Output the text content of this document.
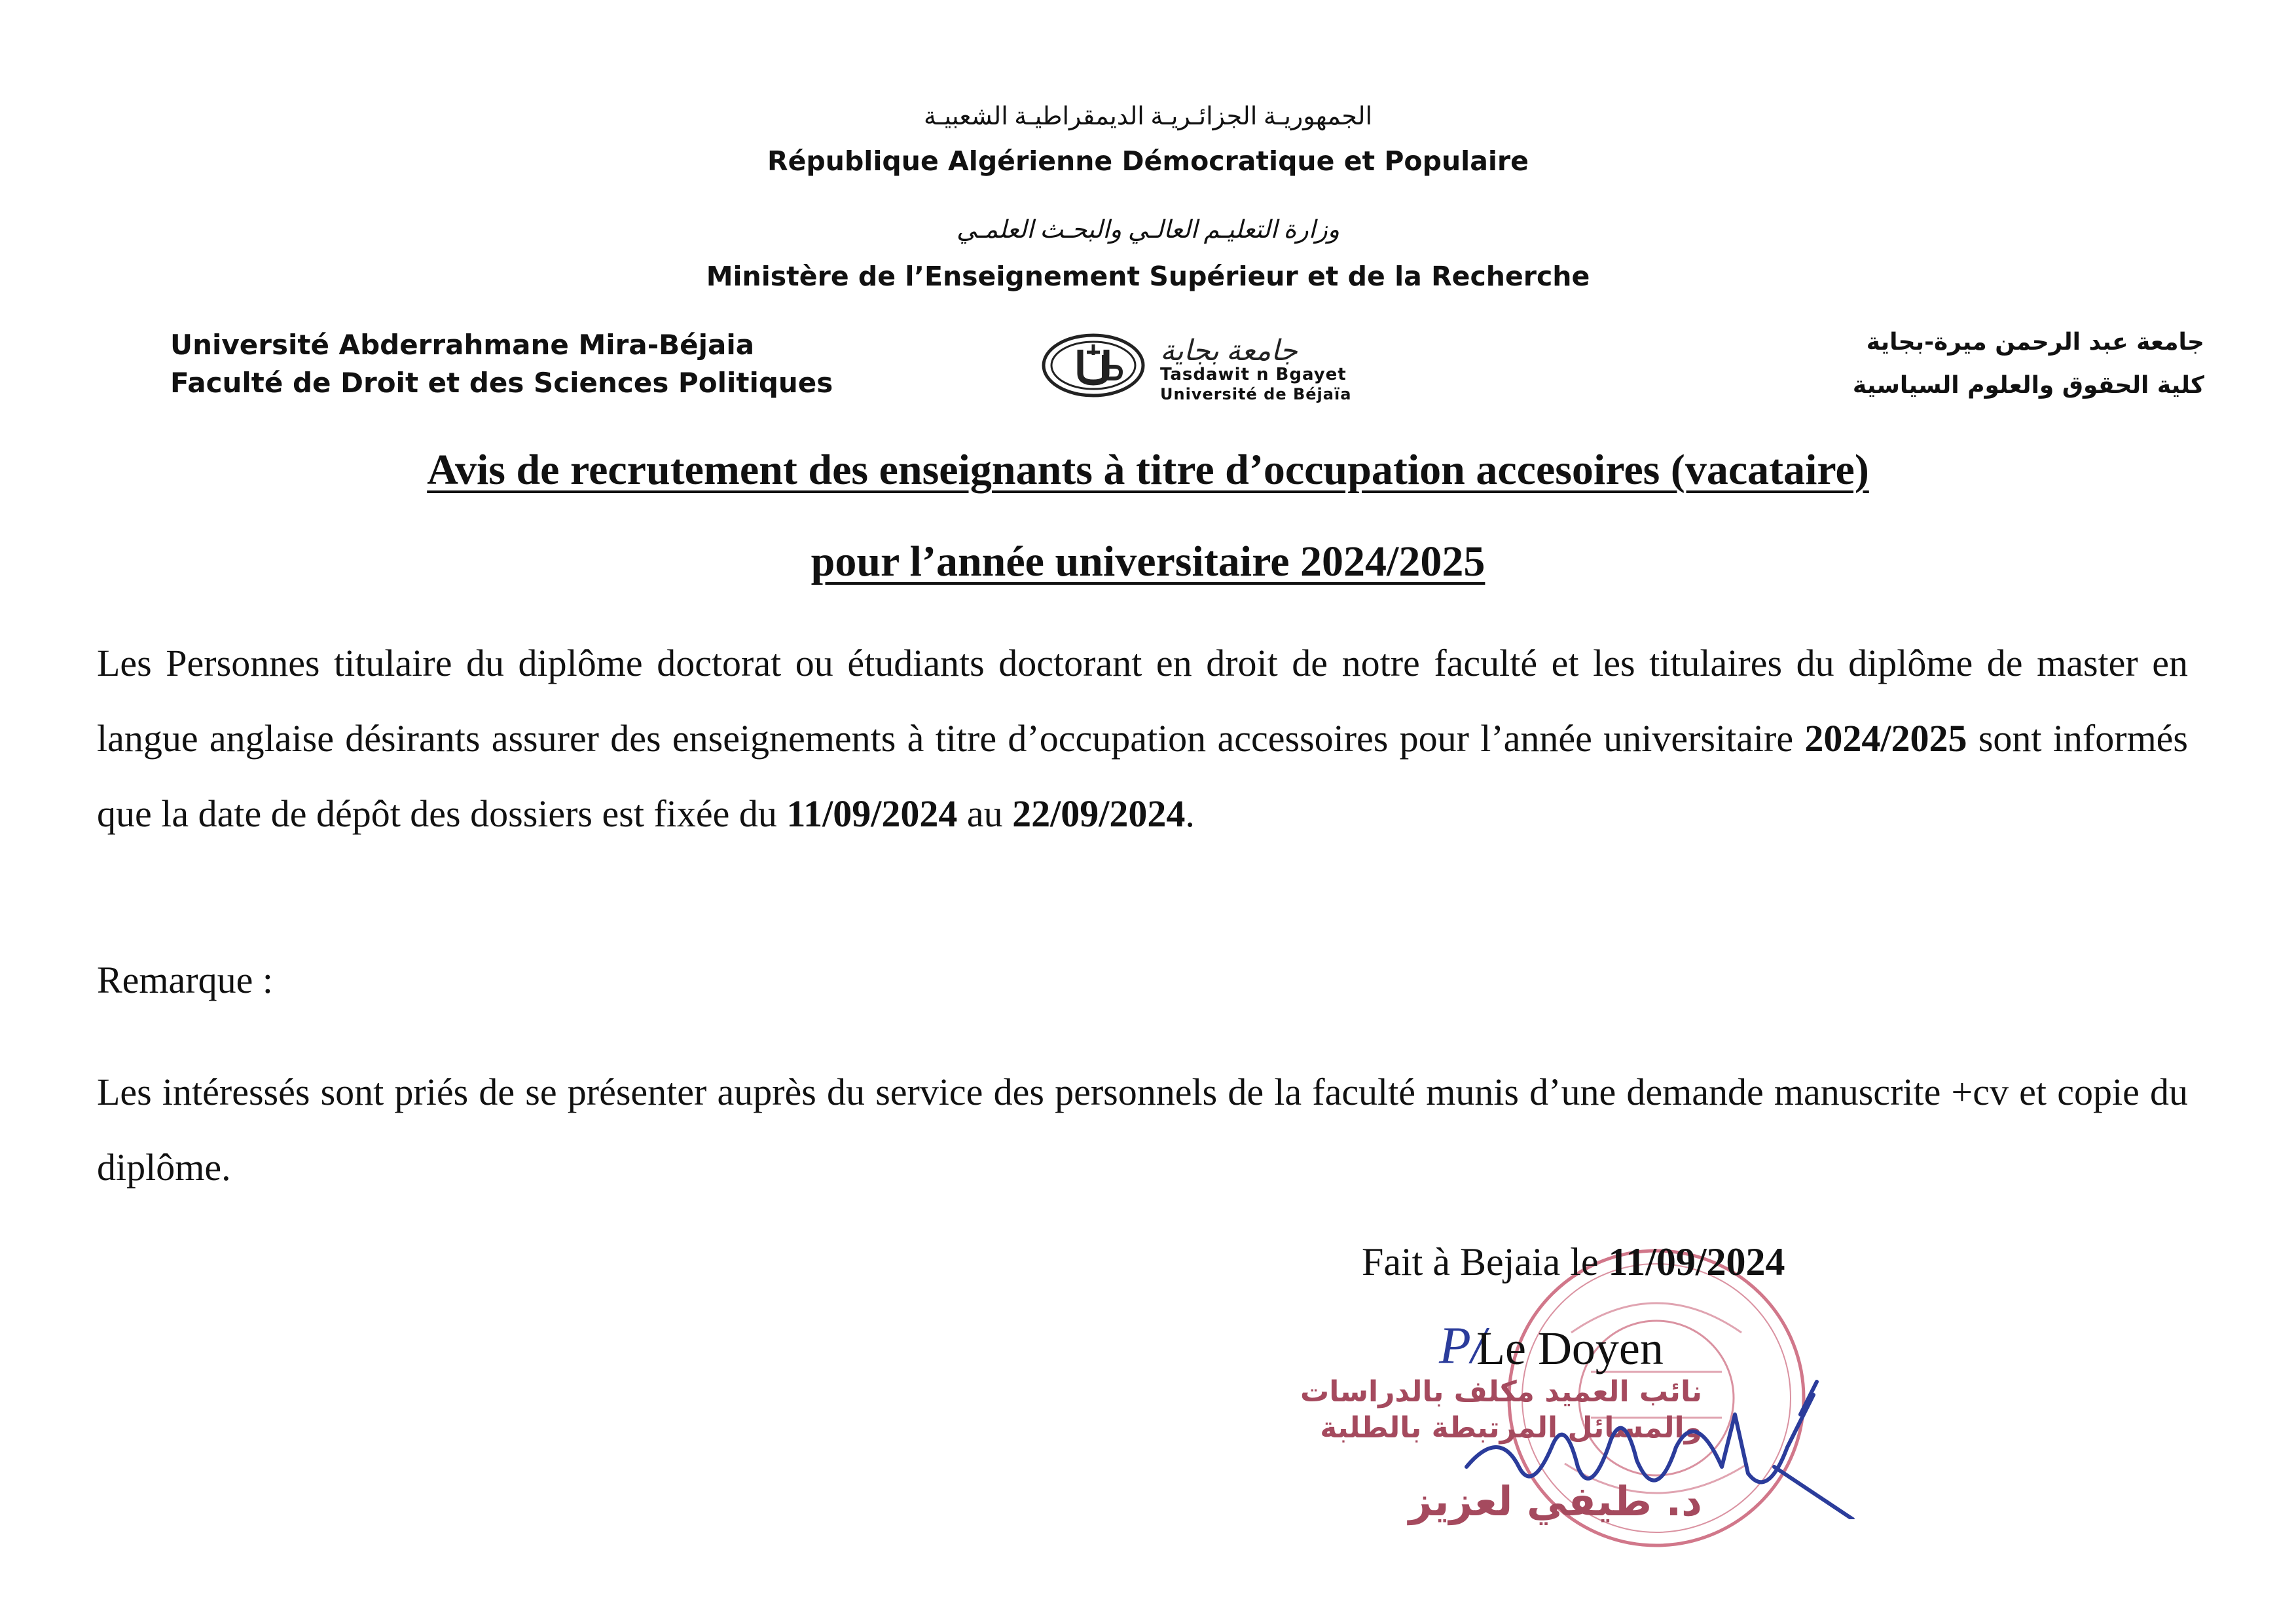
الجمهوريـة الجزائـريـة الديمقراطيـة الشعبيـة
République Algérienne Démocratique et Populaire
وزارة التعليـم العالـي والبحـث العلمـي
Ministère de l’Enseignement Supérieur et de la Recherche
Université Abderrahmane Mira-Béjaia
Faculté de Droit et des Sciences Politiques
جامعة بجاية
Tasdawit n Bgayet
Université de Béjaïa
جامعة عبد الرحمن ميرة-بجاية
كلية الحقوق والعلوم السياسية
Avis de recrutement des enseignants à titre d’occupation accesoires (vacataire)
pour l’année universitaire 2024/2025
Les Personnes titulaire du diplôme doctorat ou étudiants doctorant en droit de notre faculté et les titulaires du diplôme de master en langue anglaise désirants assurer des enseignements à titre d’occupation accessoires pour l’année universitaire 2024/2025 sont informés que la date de dépôt des dossiers est fixée du 11/09/2024 au 22/09/2024.
Remarque :
Les intéressés sont priés de se présenter auprès du service des personnels de la faculté munis d’une demande manuscrite +cv et copie du diplôme.
Fait à Bejaia le 11/09/2024
P/
Le Doyen
نائب العميد مكلف بالدراسات
والمسائل المرتبطة بالطلبة
د. طيفي لعزيز
